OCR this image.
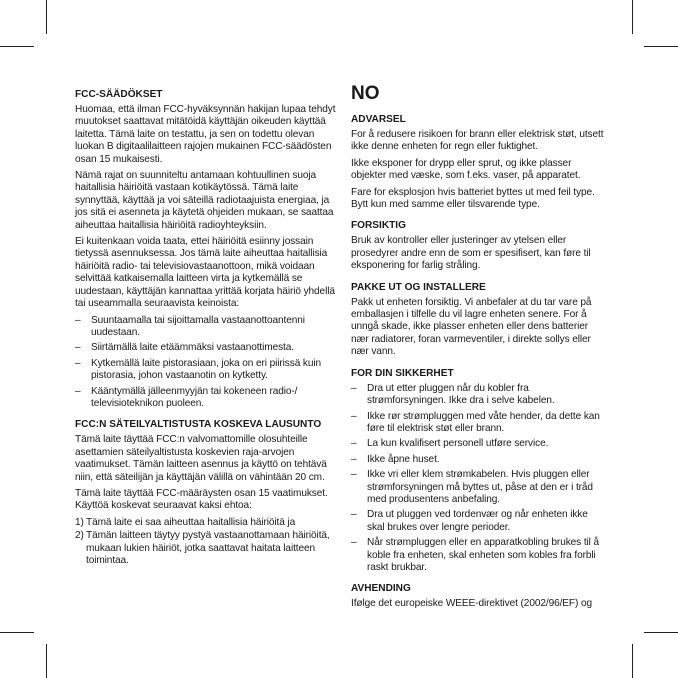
FCC-SÄÄDÖKSET

Huomaa, että ilman FCC-hyväksynnän hakijan lupaa tehdyt muutokset saattavat mitätöidä käyttäjän oikeuden käyttää laitetta. Tämä laite on testattu, ja sen on todettu olevan luokan B digitaalilaitteen rajojen mukainen FCC-säädösten osan 15 mukaisesti.

Nämä rajat on suunniteltu antamaan kohtuullinen suoja haitallisia häiriöitä vastaan kotikäytössä. Tämä laite synnyttää, käyttää ja voi säteillä radiotaajuista energiaa, ja jos sitä ei asenneta ja käytetä ohjeiden mukaan, se saattaa aiheuttaa haitallisia häiriöitä radioyhteyksiin.

Ei kuitenkaan voida taata, ettei häiriöitä esiinny jossain tietyssä asennuksessa. Jos tämä laite aiheuttaa haitallisia häiriöitä radio- tai televisiovastaanottoon, mikä voidaan selvittää katkaisemalla laitteen virta ja kytkemällä se uudestaan, käyttäjän kannattaa yrittää korjata häiriö yhdellä tai useammalla seuraavista keinoista:

– Suuntaamalla tai sijoittamalla vastaanottoantenni uudestaan.
– Siirtämällä laite etäämmäksi vastaanottimesta.
– Kytkemällä laite pistorasiaan, joka on eri piirissä kuin pistorasia, johon vastaanotin on kytketty.
– Kääntymällä jälleenmyyjän tai kokeneen radio-/ televisioteknikon puoleen.
FCC:N SÄTEILYALTISTUSTA KOSKEVA LAUSUNTO

Tämä laite täyttää FCC:n valvomattomille olosuhteille asettamien säteilyaltistusta koskevien raja-arvojen vaatimukset. Tämän laitteen asennus ja käyttö on tehtävä niin, että säteilijän ja käyttäjän välillä on vähintään 20 cm.

Tämä laite täyttää FCC-määräysten osan 15 vaatimukset. Käyttöä koskevat seuraavat kaksi ehtoa:

1) Tämä laite ei saa aiheuttaa haitallisia häiriöitä ja
2) Tämän laitteen täytyy pystyä vastaanottamaan häiriöitä, mukaan lukien häiriöt, jotka saattavat haitata laitteen toimintaa.
NO
ADVARSEL

For å redusere risikoen for brann eller elektrisk støt, utsett ikke denne enheten for regn eller fuktighet.

Ikke eksponer for drypp eller sprut, og ikke plasser objekter med væske, som f.eks. vaser, på apparatet.

Fare for eksplosjon hvis batteriet byttes ut med feil type. Bytt kun med samme eller tilsvarende type.

FORSIKTIG

Bruk av kontroller eller justeringer av ytelsen eller prosedyrer andre enn de som er spesifisert, kan føre til eksponering for farlig stråling.

PAKKE UT OG INSTALLERE

Pakk ut enheten forsiktig. Vi anbefaler at du tar vare på emballasjen i tilfelle du vil lagre enheten senere. For å unngå skade, ikke plasser enheten eller dens batterier nær radiatorer, foran varmeventiler, i direkte sollys eller nær vann.

FOR DIN SIKKERHET
– Dra ut etter pluggen når du kobler fra strømforsyningen. Ikke dra i selve kabelen.
– Ikke rør strømpluggen med våte hender, da dette kan føre til elektrisk støt eller brann.
– La kun kvalifisert personell utføre service.
– Ikke åpne huset.
– Ikke vri eller klem strømkabelen. Hvis pluggen eller strømforsyningen må byttes ut, påse at den er i tråd med produsentens anbefaling.
– Dra ut pluggen ved tordenvær og når enheten ikke skal brukes over lengre perioder.
– Når strømpluggen eller en apparatkobling brukes til å koble fra enheten, skal enheten som kobles fra forbli raskt brukbar.
AVHENDING

Ifølge det europeiske WEEE-direktivet (2002/96/EF) og
